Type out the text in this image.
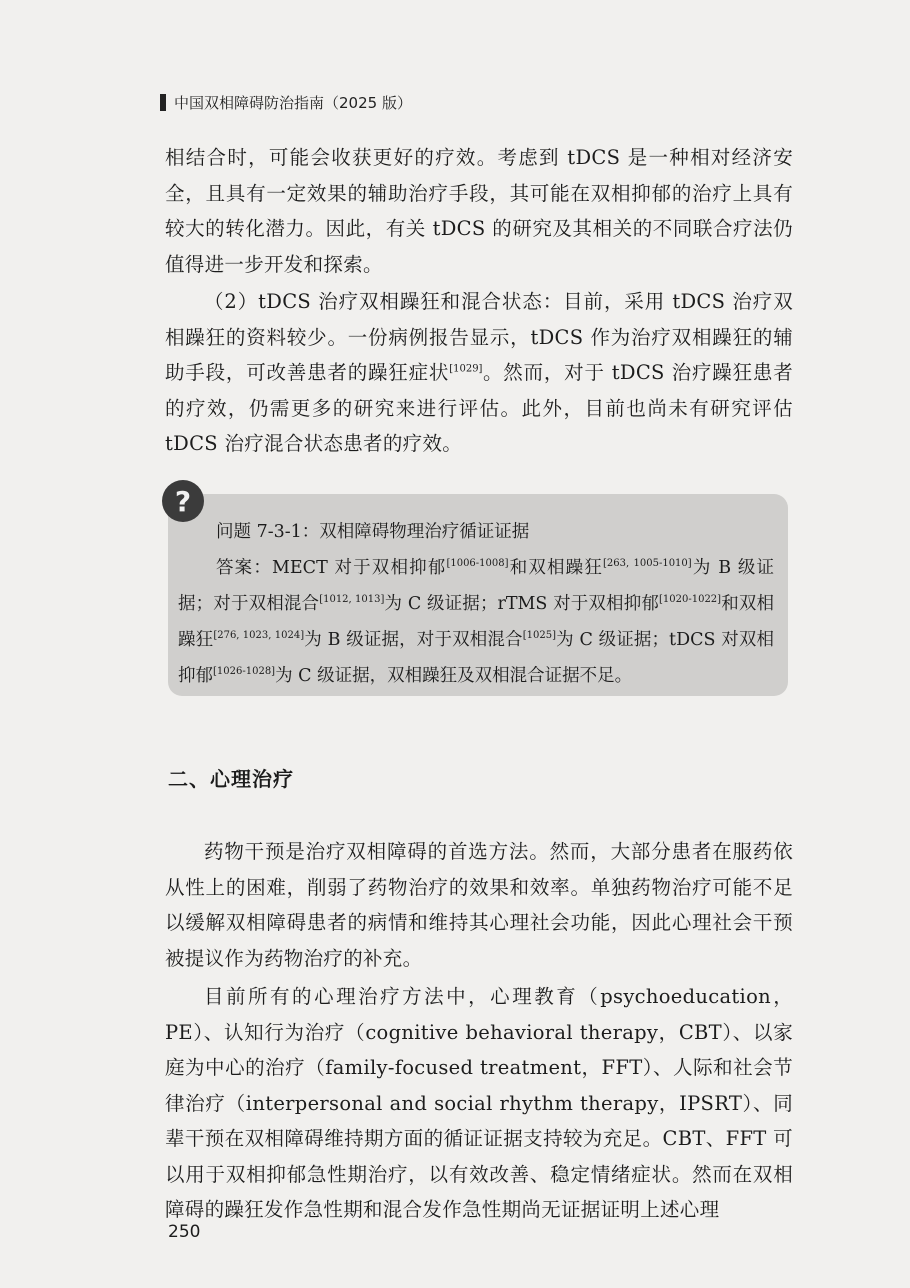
中国双相障碍防治指南（2025 版）

相结合时，可能会收获更好的疗效。考虑到 tDCS 是一种相对经济安全，且具有一定效果的辅助治疗手段，其可能在双相抑郁的治疗上具有较大的转化潜力。因此，有关 tDCS 的研究及其相关的不同联合疗法仍值得进一步开发和探索。

（2）tDCS 治疗双相躁狂和混合状态：目前，采用 tDCS 治疗双相躁狂的资料较少。一份病例报告显示，tDCS 作为治疗双相躁狂的辅助手段，可改善患者的躁狂症状[1029]。然而，对于 tDCS 治疗躁狂患者的疗效，仍需更多的研究来进行评估。此外，目前也尚未有研究评估 tDCS 治疗混合状态患者的疗效。

?
问题 7-3-1：双相障碍物理治疗循证证据
答案：MECT 对于双相抑郁[1006-1008]和双相躁狂[263, 1005-1010]为 B 级证据；对于双相混合[1012, 1013]为 C 级证据；rTMS 对于双相抑郁[1020-1022]和双相躁狂[276, 1023, 1024]为 B 级证据，对于双相混合[1025]为 C 级证据；tDCS 对双相抑郁[1026-1028]为 C 级证据，双相躁狂及双相混合证据不足。
二、心理治疗

药物干预是治疗双相障碍的首选方法。然而，大部分患者在服药依从性上的困难，削弱了药物治疗的效果和效率。单独药物治疗可能不足以缓解双相障碍患者的病情和维持其心理社会功能，因此心理社会干预被提议作为药物治疗的补充。

目前所有的心理治疗方法中，心理教育（psychoeducation，PE）、认知行为治疗（cognitive behavioral therapy，CBT）、以家庭为中心的治疗（family-focused treatment，FFT）、人际和社会节律治疗（interpersonal and social rhythm therapy，IPSRT）、同辈干预在双相障碍维持期方面的循证证据支持较为充足。CBT、FFT 可以用于双相抑郁急性期治疗，以有效改善、稳定情绪症状。然而在双相障碍的躁狂发作急性期和混合发作急性期尚无证据证明上述心理

250
